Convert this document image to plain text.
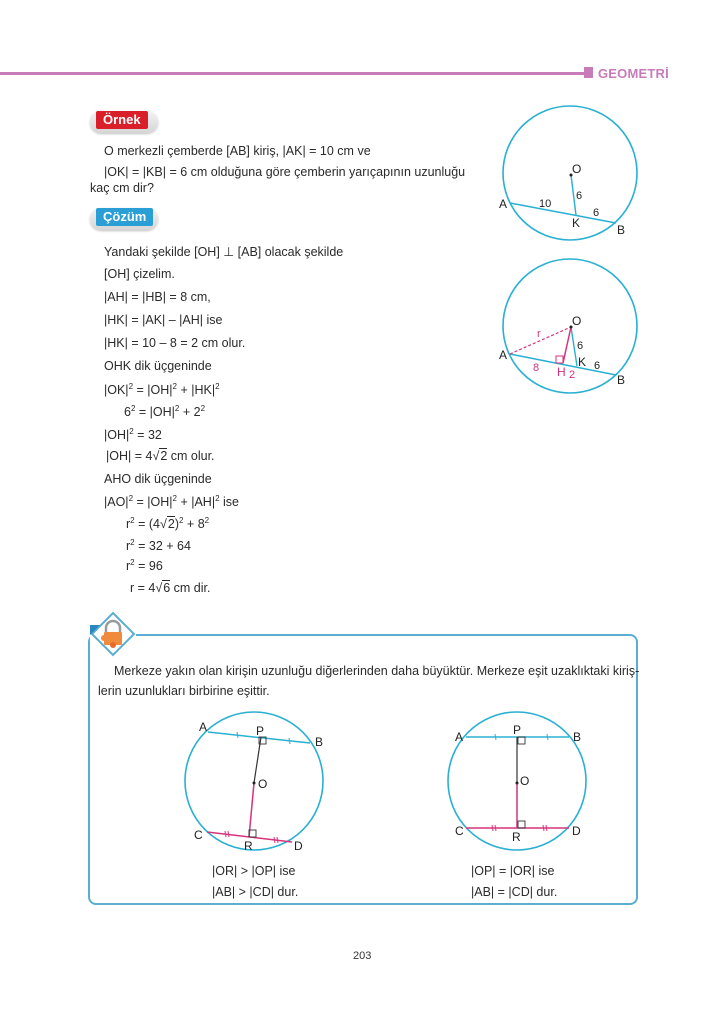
GEOMETRİ
Örnek
O merkezli çemberde [AB] kiriş, |AK| = 10 cm ve
|OK| = |KB| = 6 cm olduğuna göre çemberin yarıçapının uzunluğu
kaç cm dir?
Çözüm
Yandaki şekilde [OH] ⊥ [AB] olacak şekilde
[OH] çizelim.
|AH| = |HB| = 8 cm,
|HK| = |AK| – |AH| ise
|HK| = 10 – 8 = 2 cm olur.
OHK dik üçgeninde
$|OK|^2 = |OH|^2 + |HK|^2$
$6^2 = |OH|^2 + 2^2$
$|OH|^2 = 32$
|OH| = 4√2 cm olur.
AHO dik üçgeninde
$|AO|^2 = |OH|^2 + |AH|^2$ ise
$r^2 = (4√2)^2 + 8^2$
$r^2 = 32 + 64$
$r^2 = 96$
r = 4√6 cm dir.
O
A
B
K
10
6
6
O
A
B
K
H
r
8
2
6
6
Merkeze yakın olan kirişin uzunluğu diğerlerinden daha büyüktür. Merkeze eşit uzaklıktaki kiriş-
lerin uzunlukları birbirine eşittir.
A
B
P
O
C
R	D
A	B
P
O
C	R	D
|OR| > |OP| ise
|AB| > |CD| dur.
|OP| = |OR| ise
|AB| = |CD| dur.
203
